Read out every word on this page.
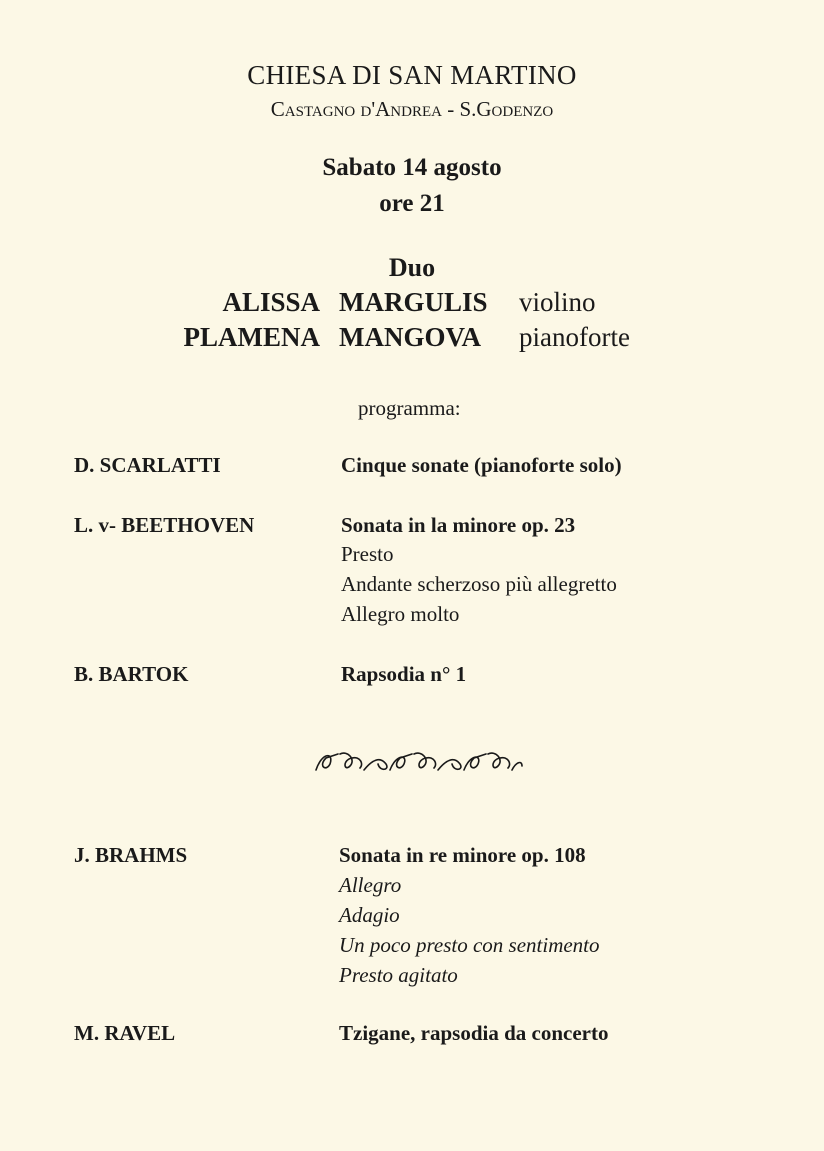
CHIESA DI SAN MARTINO
Castagno d'Andrea - S.Godenzo
Sabato 14 agosto
ore 21
Duo
ALISSA MARGULIS violino
PLAMENA MANGOVA pianoforte
programma:
D. SCARLATTI	Cinque sonate (pianoforte solo)
L. v- BEETHOVEN	Sonata in la minore op. 23
Presto
Andante scherzoso più allegretto
Allegro molto
B. BARTOK	Rapsodia n° 1
J. BRAHMS	Sonata in re minore op. 108
Allegro
Adagio
Un poco presto con sentimento
Presto agitato
M. RAVEL	Tzigane, rapsodia da concerto
